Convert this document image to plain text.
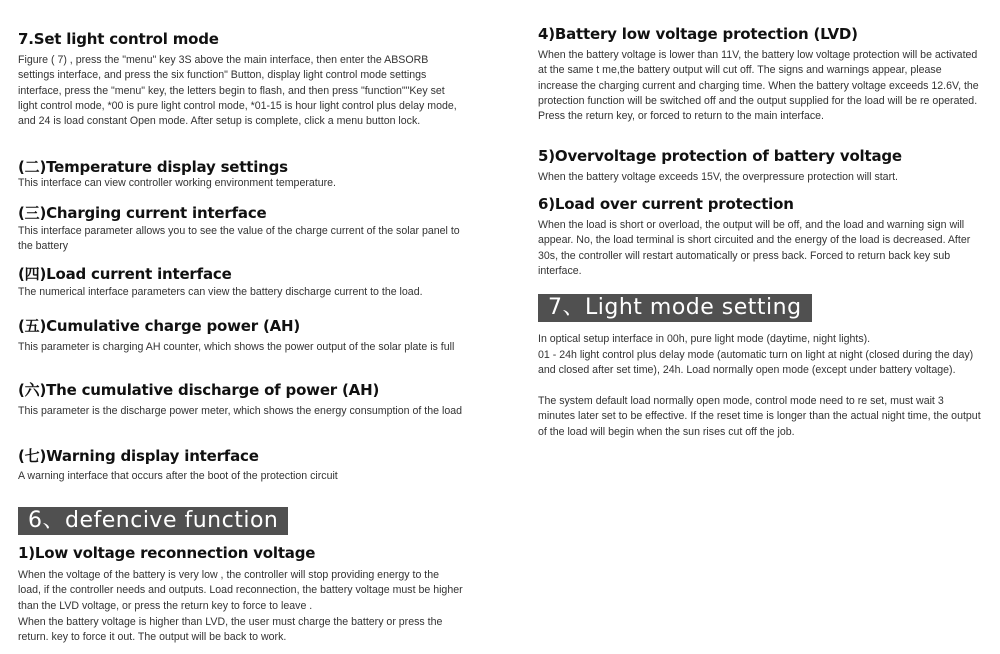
7.Set light control mode

Figure ( 7) , press the "menu" key 3S above the main interface, then enter the ABSORB settings interface, and press the six function" Button, display light control mode settings interface, press the "menu" key, the letters begin to flash, and then press "function""Key set light control mode, *00 is pure light control mode, *01-15 is hour light control plus delay mode, and 24 is load constant Open mode. After setup is complete, click a menu button lock.

(二)Temperature display settings

This interface can view controller working environment temperature.

(三)Charging current interface

This interface parameter allows you to see the value of the charge current of the solar panel to the battery

(四)Load current interface

The numerical interface parameters can view the battery discharge current to the load.

(五)Cumulative charge power (AH)

This parameter is charging AH counter, which shows the power output of the solar plate is full

(六)The cumulative discharge of power (AH)

This parameter is the discharge power meter, which shows the energy consumption of the load

(七)Warning display interface

A warning interface that occurs after the boot of the protection circuit

6、defencive function
1)Low voltage reconnection voltage

When the voltage of the battery is very low , the controller will stop providing energy to the load, if the controller needs and outputs. Load reconnection, the battery voltage must be higher than the LVD voltage, or press the return key to force to leave .

When the battery voltage is higher than LVD, the user must charge the battery or press the return. key to force it out. The output will be back to work.

4)Battery low voltage protection (LVD)

When the battery voltage is lower than 11V, the battery low voltage protection will be activated at the same t me,the battery output will cut off. The signs and warnings appear, please increase the charging current and charging time. When the battery voltage exceeds 12.6V, the protection function will be switched off and the output supplied for the load will be re operated. Press the return key, or forced to return to the main interface.

5)Overvoltage protection of battery voltage

When the battery voltage exceeds 15V, the overpressure protection will start.

6)Load over current protection

When the load is short or overload, the output will be off, and the load and warning sign will appear. No, the load terminal is short circuited and the energy of the load is decreased. After 30s, the controller will restart automatically or press back. Forced to return back key sub interface.

7、Light mode setting

In optical setup interface in 00h, pure light mode (daytime, night lights).

01 - 24h light control plus delay mode (automatic turn on light at night (closed during the day) and closed after set time), 24h. Load normally open mode (except under battery voltage).

The system default load normally open mode, control mode need to re set, must wait 3 minutes later set to be effective. If the reset time is longer than the actual night time, the output of the load will begin when the sun rises cut off the job.
